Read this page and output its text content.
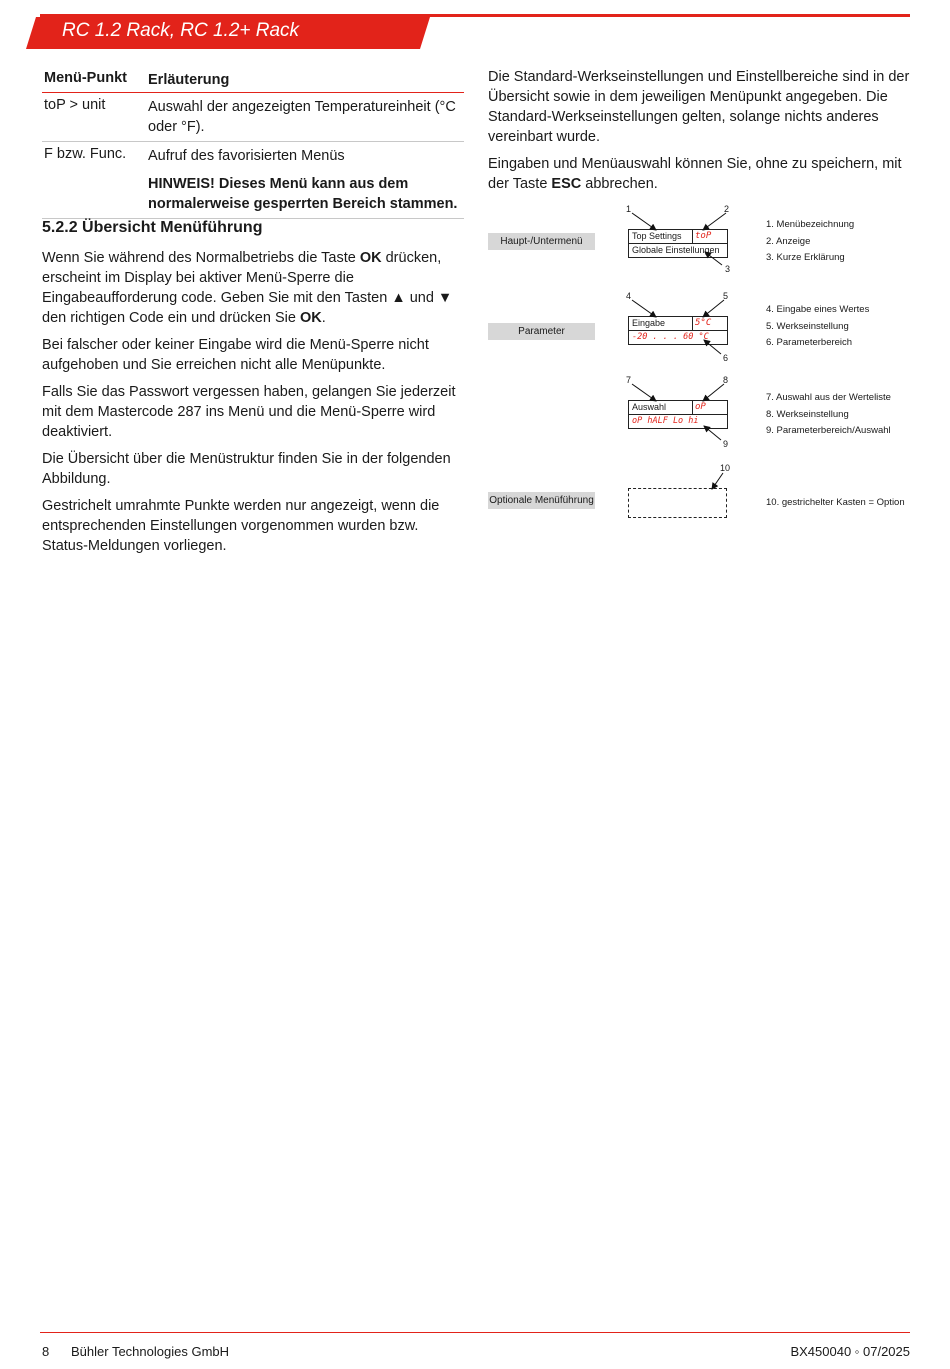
RC 1.2 Rack, RC 1.2+ Rack
Menü-Punkt	Erläuterung
toP > unit	Auswahl der angezeigten Temperatureinheit (°C oder °F).
F bzw. Func.	Aufruf des favorisierten Menüs
HINWEIS! Dieses Menü kann aus dem normalerweise gesperrten Bereich stammen.
5.2.2 Übersicht Menüführung
Wenn Sie während des Normalbetriebs die Taste OK drücken, erscheint im Display bei aktiver Menü-Sperre die Eingabeaufforderung code. Geben Sie mit den Tasten ▲ und ▼ den richtigen Code ein und drücken Sie OK.
Bei falscher oder keiner Eingabe wird die Menü-Sperre nicht aufgehoben und Sie erreichen nicht alle Menüpunkte.
Falls Sie das Passwort vergessen haben, gelangen Sie jederzeit mit dem Mastercode 287 ins Menü und die Menü-Sperre wird deaktiviert.
Die Übersicht über die Menüstruktur finden Sie in der folgenden Abbildung.
Gestrichelt umrahmte Punkte werden nur angezeigt, wenn die entsprechenden Einstellungen vorgenommen wurden bzw. Status-Meldungen vorliegen.
Die Standard-Werkseinstellungen und Einstellbereiche sind in der Übersicht sowie in dem jeweiligen Menüpunkt angegeben. Die Standard-Werkseinstellungen gelten, solange nichts anderes vereinbart wurde.
Eingaben und Menüauswahl können Sie, ohne zu speichern, mit der Taste ESC abbrechen.
Haupt-/Untermenü
Parameter
Optionale Menüführung
Top Settings	toP
Globale Einstellungen
Eingabe	5°C
-20 . . . 60 °C
Auswahl	oP
oP hALF Lo hi
1	2
3
4	5
6
7	8
9
10
1. Menübezeichnung
2. Anzeige
3. Kurze Erklärung
4. Eingabe eines Wertes
5. Werkseinstellung
6. Parameterbereich
7. Auswahl aus der Werteliste
8. Werkseinstellung
9. Parameterbereich/Auswahl
10. gestrichelter Kasten = Option
8 Bühler Technologies GmbH	BX450040 ◦ 07/2025
